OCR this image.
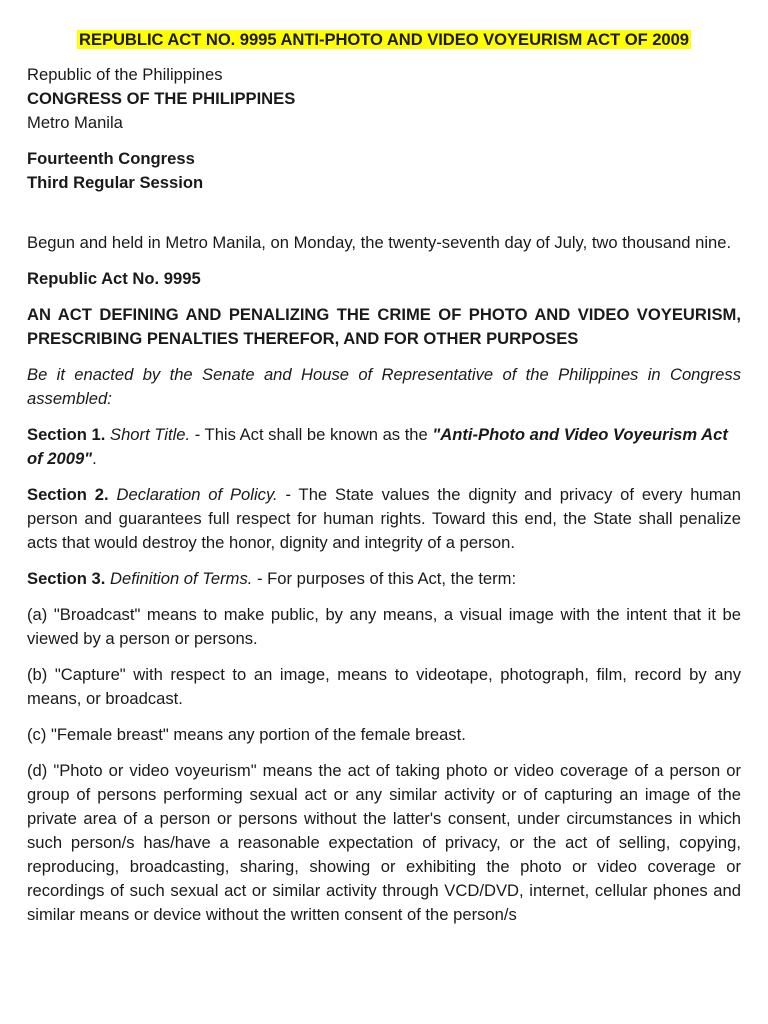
REPUBLIC ACT NO. 9995 ANTI-PHOTO AND VIDEO VOYEURISM ACT OF 2009
Republic of the Philippines
CONGRESS OF THE PHILIPPINES
Metro Manila
Fourteenth Congress
Third Regular Session

Begun and held in Metro Manila, on Monday, the twenty-seventh day of July, two thousand nine.

Republic Act No. 9995

AN ACT DEFINING AND PENALIZING THE CRIME OF PHOTO AND VIDEO VOYEURISM, PRESCRIBING PENALTIES THEREFOR, AND FOR OTHER PURPOSES

Be it enacted by the Senate and House of Representative of the Philippines in Congress assembled:

Section 1. Short Title. - This Act shall be known as the "Anti-Photo and Video Voyeurism Act of 2009".

Section 2. Declaration of Policy. - The State values the dignity and privacy of every human person and guarantees full respect for human rights. Toward this end, the State shall penalize acts that would destroy the honor, dignity and integrity of a person.

Section 3. Definition of Terms. - For purposes of this Act, the term:

(a) "Broadcast" means to make public, by any means, a visual image with the intent that it be viewed by a person or persons.

(b) "Capture" with respect to an image, means to videotape, photograph, film, record by any means, or broadcast.

(c) "Female breast" means any portion of the female breast.

(d) "Photo or video voyeurism" means the act of taking photo or video coverage of a person or group of persons performing sexual act or any similar activity or of capturing an image of the private area of a person or persons without the latter's consent, under circumstances in which such person/s has/have a reasonable expectation of privacy, or the act of selling, copying, reproducing, broadcasting, sharing, showing or exhibiting the photo or video coverage or recordings of such sexual act or similar activity through VCD/DVD, internet, cellular phones and similar means or device without the written consent of the person/s
